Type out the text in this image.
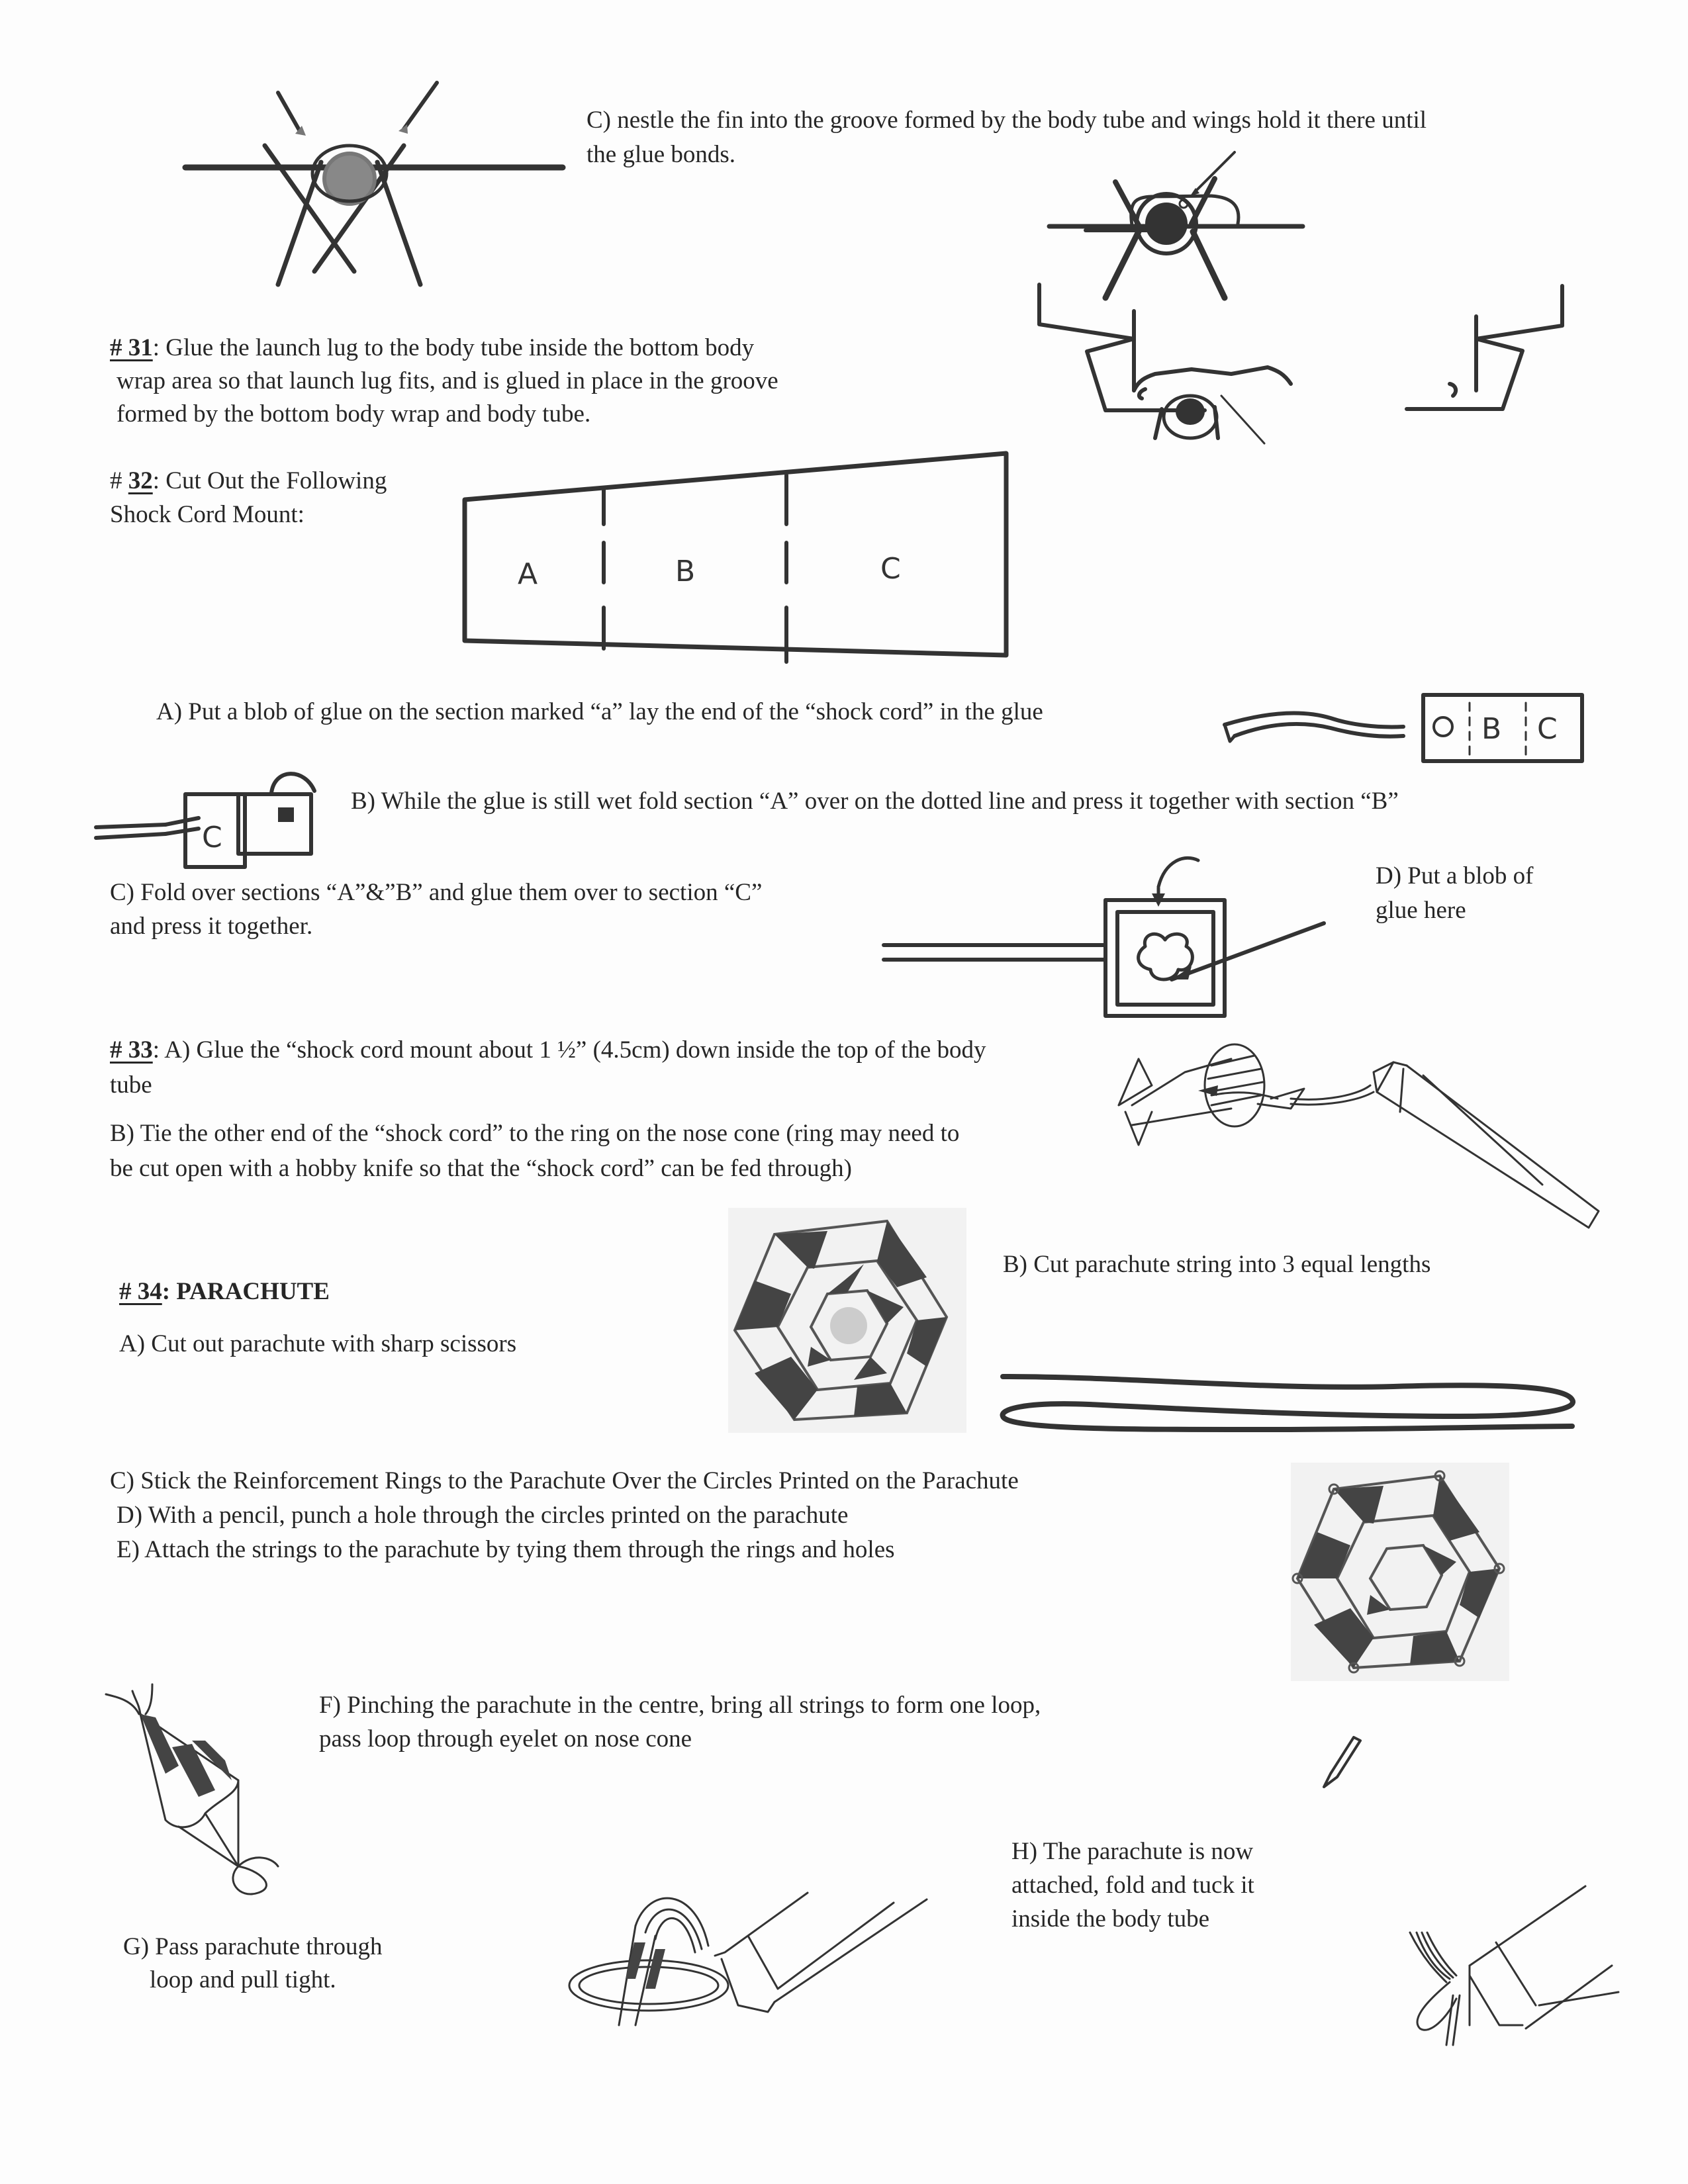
C) nestle the fin into the groove formed by the body tube and wings hold it there until
the glue bonds.
# 31: Glue the launch lug to the body tube inside the bottom body
wrap area so that launch lug fits, and is glued in place in the groove
formed by the bottom body wrap and body tube.
# 32: Cut Out the Following
Shock Cord Mount:
A	B	C
A) Put a blob of glue on the section marked “a” lay the end of the “shock cord” in the glue
B C
C
B) While the glue is still wet fold section “A” over on the dotted line and press it together with section “B”
C) Fold over sections “A”&”B” and glue them over to section “C”
and press it together.
D) Put a blob of
glue here
# 33: A) Glue the “shock cord mount about 1 ½” (4.5cm) down inside the top of the body
tube
B) Tie the other end of the “shock cord” to the ring on the nose cone (ring may need to
be cut open with a hobby knife so that the “shock cord” can be fed through)
# 34: PARACHUTE
A) Cut out parachute with sharp scissors
B) Cut parachute string into 3 equal lengths
C) Stick the Reinforcement Rings to the Parachute Over the Circles Printed on the Parachute
D) With a pencil, punch a hole through the circles printed on the parachute
E) Attach the strings to the parachute by tying them through the rings and holes
F) Pinching the parachute in the centre, bring all strings to form one loop,
pass loop through eyelet on nose cone
H) The parachute is now
attached, fold and tuck it
inside the body tube
G) Pass parachute through
loop and pull tight.
